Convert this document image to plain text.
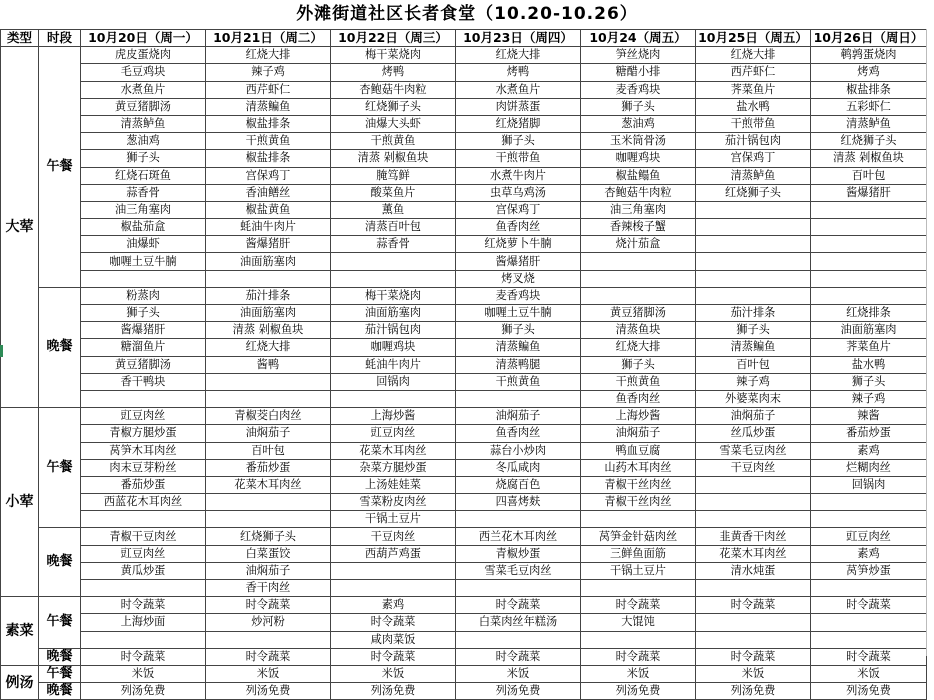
外滩街道社区长者食堂（10.20-10.26）
类型	时段	10月20日（周一）	10月21日（周二）	10月22日（周三）	10月23日（周四）	10月24（周五）	10月25日（周五）	10月26日（周日）
大荤	午餐	虎皮蛋烧肉	红烧大排	梅干菜烧肉	红烧大排	笋丝烧肉	红烧大排	鹌鹑蛋烧肉
		毛豆鸡块	辣子鸡	烤鸭	烤鸭	糖醋小排	西芹虾仁	烤鸡
		水煮鱼片	西芹虾仁	杏鲍菇牛肉粒	水煮鱼片	麦香鸡块	荠菜鱼片	椒盐排条
		黄豆猪脚汤	清蒸鳊鱼	红烧狮子头	肉饼蒸蛋	狮子头	盐水鸭	五彩虾仁
		清蒸鲈鱼	椒盐排条	油爆大头虾	红烧猪脚	葱油鸡	干煎带鱼	清蒸鲈鱼
		葱油鸡	干煎黄鱼	干煎黄鱼	狮子头	玉米筒骨汤	茄汁锅包肉	红烧狮子头
		狮子头	椒盐排条	清蒸 剁椒鱼块	干煎带鱼	咖喱鸡块	宫保鸡丁	清蒸 剁椒鱼块
		红烧石斑鱼	宫保鸡丁	腌笃鲜	水煮牛肉片	椒盐鳎鱼	清蒸鲈鱼	百叶包
		蒜香骨	香油鳝丝	酸菜鱼片	虫草乌鸡汤	杏鲍菇牛肉粒	红烧狮子头	酱爆猪肝
		油三角塞肉	椒盐黄鱼	薰鱼	宫保鸡丁	油三角塞肉		
		椒盐茄盒	蚝油牛肉片	清蒸百叶包	鱼香肉丝	香辣梭子蟹		
		油爆虾	酱爆猪肝	蒜香骨	红烧萝卜牛腩	烧汁茄盒		
		咖喱土豆牛腩	油面筋塞肉		酱爆猪肝			
					烤叉烧			
	晚餐	粉蒸肉	茄汁排条	梅干菜烧肉	麦香鸡块			
		狮子头	油面筋塞肉	油面筋塞肉	咖喱土豆牛腩	黄豆猪脚汤	茄汁排条	红烧排条
		酱爆猪肝	清蒸 剁椒鱼块	茄汁锅包肉	狮子头	清蒸鱼块	狮子头	油面筋塞肉
		糖溜鱼片	红烧大排	咖喱鸡块	清蒸鳊鱼	红烧大排	清蒸鳊鱼	荠菜鱼片
		黄豆猪脚汤	酱鸭	蚝油牛肉片	清蒸鸭腿	狮子头	百叶包	盐水鸭
		香干鸭块		回锅肉	干煎黄鱼	干煎黄鱼	辣子鸡	狮子头
						鱼香肉丝	外婆菜肉末	辣子鸡
小荤	午餐	豇豆肉丝	青椒茭白肉丝	上海炒酱	油焖茄子	上海炒酱	油焖茄子	辣酱
		青椒方腿炒蛋	油焖茄子	豇豆肉丝	鱼香肉丝	油焖茄子	丝瓜炒蛋	番茄炒蛋
		莴笋木耳肉丝	百叶包	花菜木耳肉丝	蒜台小炒肉	鸭血豆腐	雪菜毛豆肉丝	素鸡
		肉末豆芽粉丝	番茄炒蛋	杂菜方腿炒蛋	冬瓜咸肉	山药木耳肉丝	干豆肉丝	烂糊肉丝
		番茄炒蛋	花菜木耳肉丝	上汤娃娃菜	烧腐百色	青椒干丝肉丝		回锅肉
		西蓝花木耳肉丝		雪菜粉皮肉丝	四喜烤麸	青椒干丝肉丝		
				干锅土豆片				
	晚餐	青椒干豆肉丝	红烧狮子头	干豆肉丝	西兰花木耳肉丝	莴笋金针菇肉丝	韭黄香干肉丝	豇豆肉丝
		豇豆肉丝	白菜蛋饺	西葫芦鸡蛋	青椒炒蛋	三鲜鱼面筋	花菜木耳肉丝	素鸡
		黄瓜炒蛋	油焖茄子		雪菜毛豆肉丝	干锅土豆片	清水炖蛋	莴笋炒蛋
			香干肉丝					
素菜	午餐	时令蔬菜	时令蔬菜	素鸡	时令蔬菜	时令蔬菜	时令蔬菜	时令蔬菜
		上海炒面	炒河粉	时令蔬菜	白菜肉丝年糕汤	大馄饨		
				咸肉菜饭				
	晚餐	时令蔬菜	时令蔬菜	时令蔬菜	时令蔬菜	时令蔬菜	时令蔬菜	时令蔬菜
例汤	午餐	米饭	米饭	米饭	米饭	米饭	米饭	米饭
	晚餐	列汤免费	列汤免费	列汤免费	列汤免费	列汤免费	列汤免费	列汤免费
